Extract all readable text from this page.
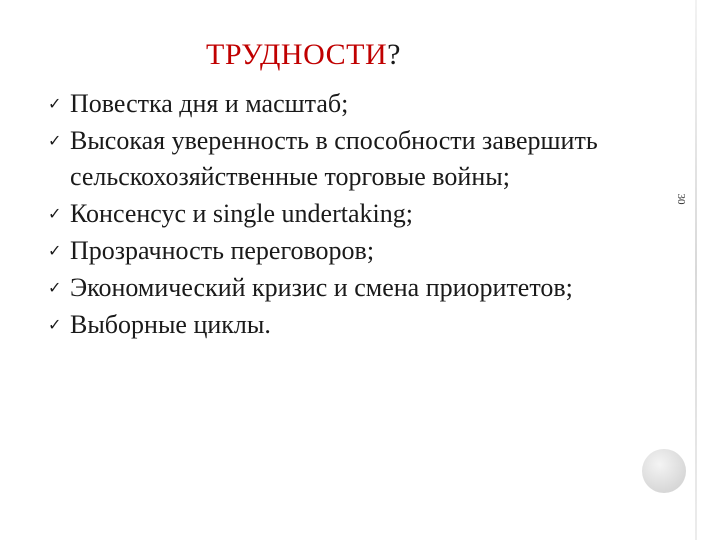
30
ТРУДНОСТИ?
✓ Повестка дня и масштаб;
✓ Высокая уверенность в способности завершить сельскохозяйственные торговые войны;
✓ Консенсус и single undertaking;
✓ Прозрачность переговоров;
✓ Экономический кризис и смена приоритетов;
✓ Выборные циклы.
